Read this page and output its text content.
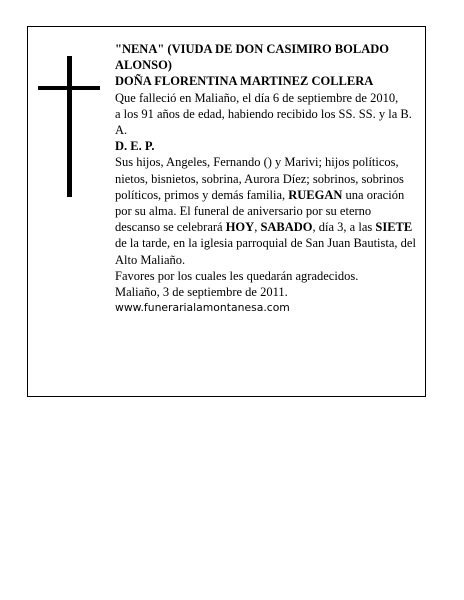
"NENA" (VIUDA DE DON CASIMIRO BOLADO ALONSO)

DOÑA FLORENTINA MARTINEZ COLLERA

Que falleció en Maliaño, el día 6 de septiembre de 2010,

a los 91 años de edad, habiendo recibido los SS. SS. y la B. A.

D. E. P.

Sus hijos, Angeles, Fernando () y Marivi; hijos políticos, nietos, bisnietos, sobrina, Aurora Díez; sobrinos, sobrinos políticos, primos y demás familia, RUEGAN una oración por su alma. El funeral de aniversario por su eterno descanso se celebrará HOY, SABADO, día 3, a las SIETE de la tarde, en la iglesia parroquial de San Juan Bautista, del Alto Maliaño.

Favores por los cuales les quedarán agradecidos.

Maliaño, 3 de septiembre de 2011.

www.funerarialamontanesa.com
